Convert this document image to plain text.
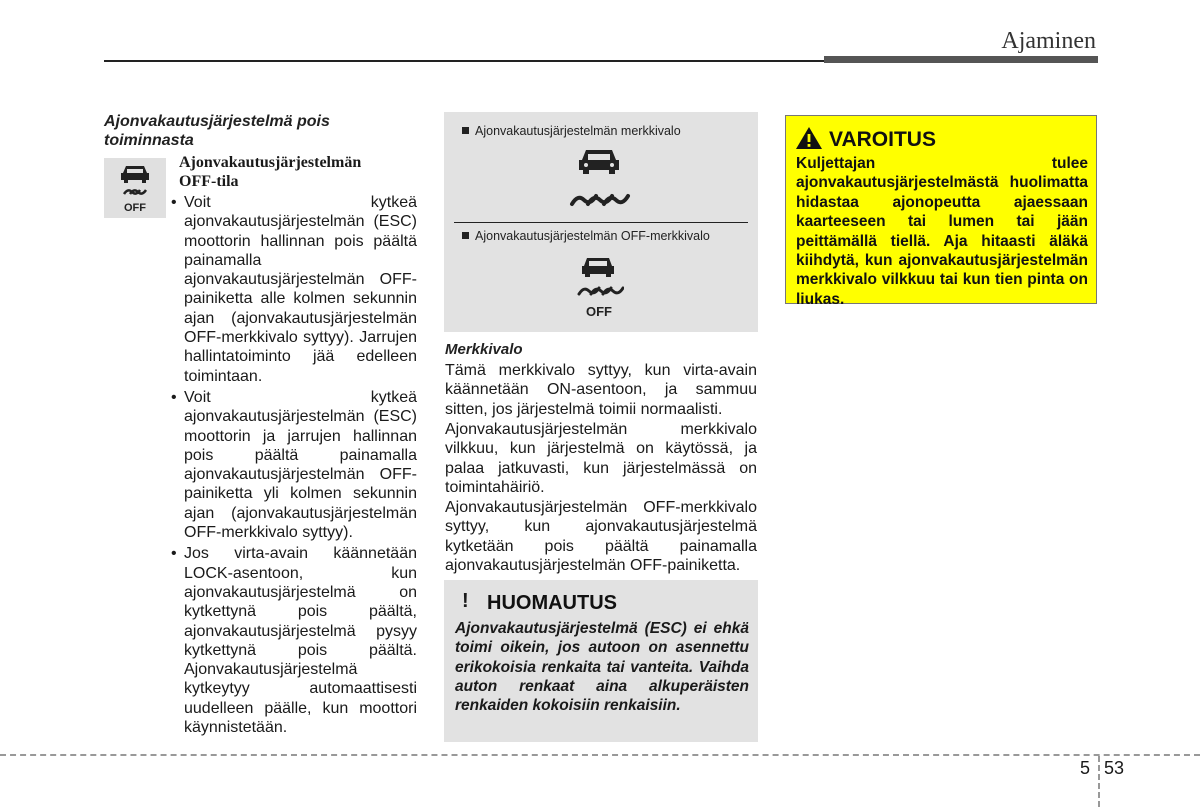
Ajaminen
Ajonvakautusjärjestelmä pois toiminnasta
OFF
Ajonvakautusjärjestelmän
OFF-tila
• Voit kytkeä ajonvakautusjärjestelmän (ESC) moottorin hallinnan pois päältä painamalla ajonvakautusjärjestelmän OFF-painiketta alle kolmen sekunnin ajan (ajonvakautusjärjestelmän OFF-merkkivalo syttyy). Jarrujen hallintatoiminto jää edelleen toimintaan.
• Voit kytkeä ajonvakautusjärjestelmän (ESC) moottorin ja jarrujen hallinnan pois päältä painamalla ajonvakautusjärjestelmän OFF-painiketta yli kolmen sekunnin ajan (ajonvakautusjärjestelmän OFF-merkkivalo syttyy).
• Jos virta-avain käännetään LOCK-asentoon, kun ajonvakautusjärjestelmä on kytkettynä pois päältä, ajonvakautusjärjestelmä pysyy kytkettynä pois päältä. Ajonvakautusjärjestelmä kytkeytyy automaattisesti uudelleen päälle, kun moottori käynnistetään.
OFF
Ajonvakautusjärjestelmän merkkivalo
Ajonvakautusjärjestelmän OFF-merkkivalo
Merkkivalo
Tämä merkkivalo syttyy, kun virta-avain käännetään ON-asentoon, ja sammuu sitten, jos järjestelmä toimii normaalisti.
Ajonvakautusjärjestelmän merkkivalo vilkkuu, kun järjestelmä on käytössä, ja palaa jatkuvasti, kun järjestelmässä on toimintahäiriö.
Ajonvakautusjärjestelmän OFF-merkkivalo syttyy, kun ajonvakautusjärjestelmä kytketään pois päältä painamalla ajonvakautusjärjestelmän OFF-painiketta.
! HUOMAUTUS
Ajonvakautusjärjestelmä (ESC) ei ehkä toimi oikein, jos autoon on asennettu erikokoisia renkaita tai vanteita. Vaihda auton renkaat aina alkuperäisten renkaiden kokoisiin renkaisiin.
VAROITUS
Kuljettajan tulee ajonvakautusjärjestelmästä huolimatta hidastaa ajonopeutta ajaessaan kaarteeseen tai lumen tai jään peittämällä tiellä. Aja hitaasti äläkä kiihdytä, kun ajonvakautusjärjestelmän merkkivalo vilkkuu tai kun tien pinta on liukas.
5 53
